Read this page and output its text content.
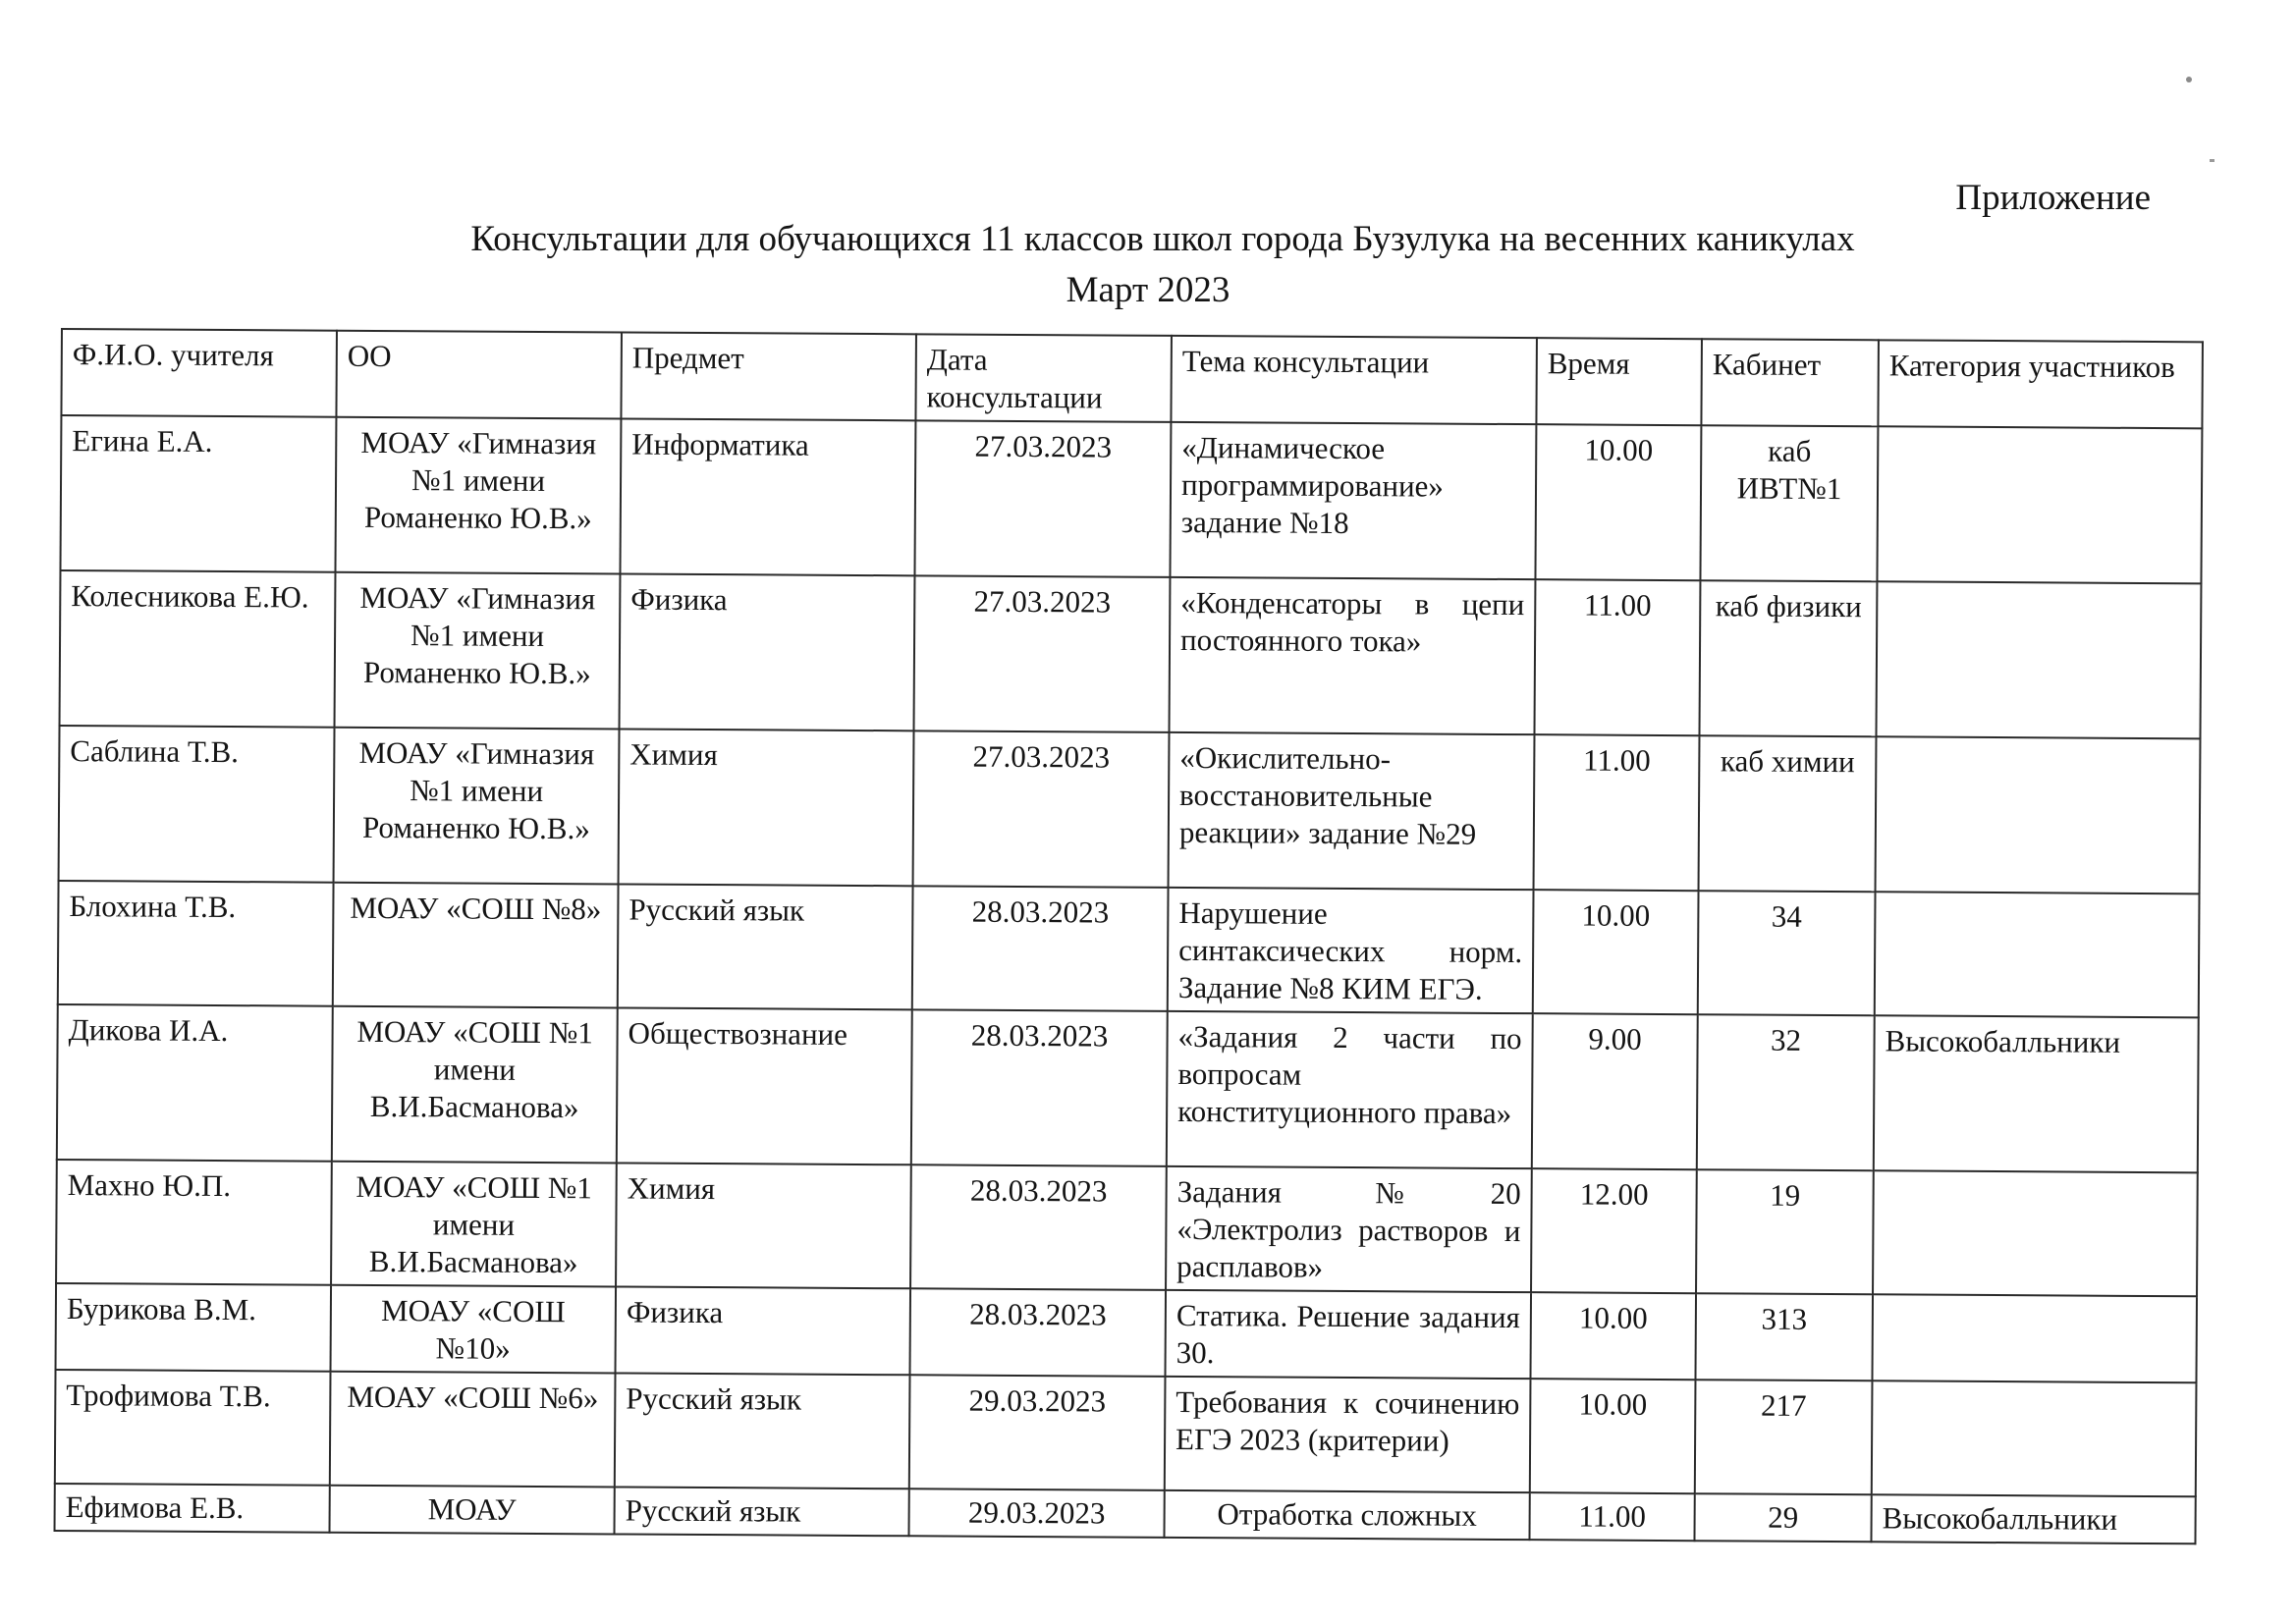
Приложение
Консультации для обучающихся 11 классов школ города Бузулука на весенних каникулах
Март 2023
Ф.И.О. учителя	ОО	Предмет	Дата консультации	Тема консультации	Время	Кабинет	Категория участников
Егина Е.А.	МОАУ «Гимназия №1 имени Романенко Ю.В.»	Информатика	27.03.2023	«Динамическое программирование» задание №18	10.00	каб ИВТ№1	
Колесникова Е.Ю.	МОАУ «Гимназия №1 имени Романенко Ю.В.»	Физика	27.03.2023	«Конденсаторы в цепи постоянного тока»	11.00	каб физики	
Саблина Т.В.	МОАУ «Гимназия №1 имени Романенко Ю.В.»	Химия	27.03.2023	«Окислительно-восстановительные реакции» задание №29	11.00	каб химии	
Блохина Т.В.	МОАУ «СОШ №8»	Русский язык	28.03.2023	Нарушение синтаксических норм. Задание №8 КИМ ЕГЭ.	10.00	34	
Дикова И.А.	МОАУ «СОШ №1 имени В.И.Басманова»	Обществознание	28.03.2023	«Задания 2 части по вопросам конституционного права»	9.00	32	Высокобалльники
Махно Ю.П.	МОАУ «СОШ №1 имени В.И.Басманова»	Химия	28.03.2023	Задания №20 «Электролиз растворов и расплавов»	12.00	19	
Бурикова В.М.	МОАУ «СОШ №10»	Физика	28.03.2023	Статика. Решение задания 30.	10.00	313	
Трофимова Т.В.	МОАУ «СОШ №6»	Русский язык	29.03.2023	Требования к сочинению ЕГЭ 2023 (критерии)	10.00	217	
Ефимова Е.В.	МОАУ	Русский язык	29.03.2023	Отработка сложных	11.00	29	Высокобалльники
